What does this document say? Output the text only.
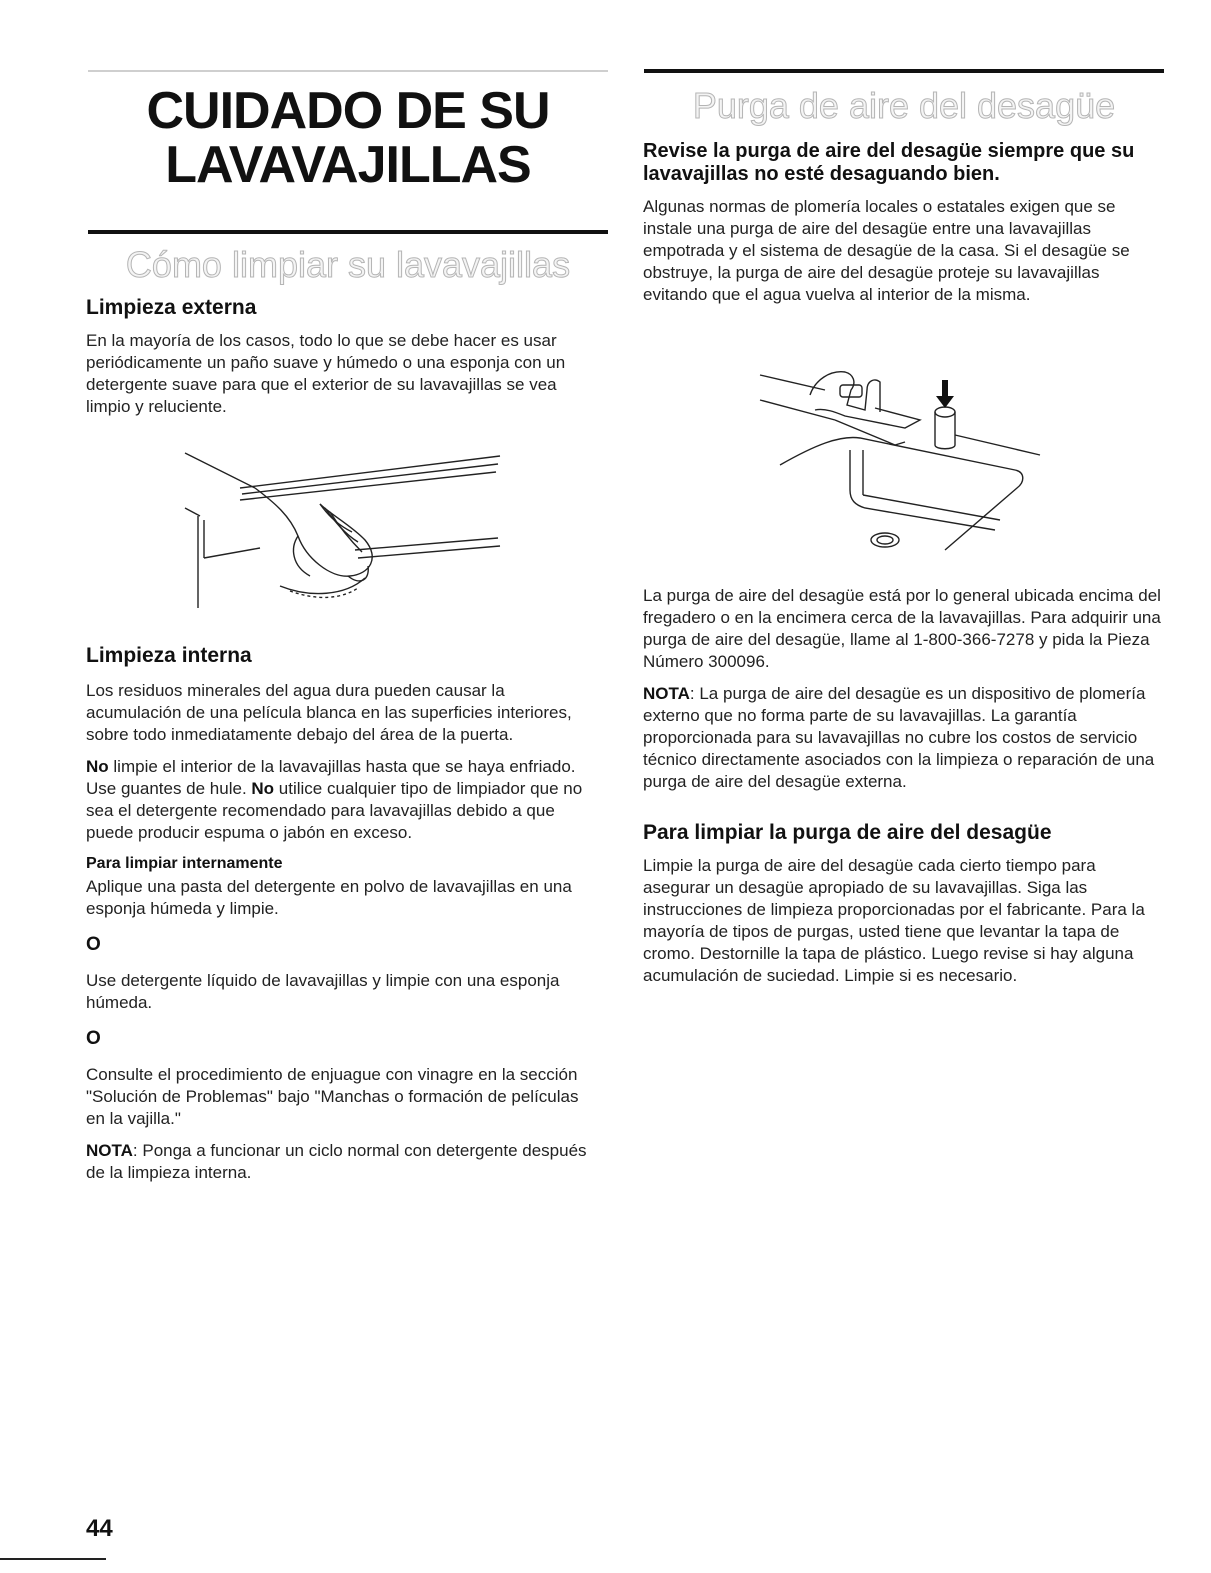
CUIDADO DE SU
LAVAVAJILLAS
Cómo limpiar su lavavajillas
Limpieza externa

En la mayoría de los casos, todo lo que se debe hacer es usar periódicamente un paño suave y húmedo o una esponja con un detergente suave para que el exterior de su lavavajillas se vea limpio y reluciente.

Limpieza interna

Los residuos minerales del agua dura pueden causar la acumulación de una película blanca en las superficies interiores, sobre todo inmediatamente debajo del área de la puerta.

No limpie el interior de la lavavajillas hasta que se haya enfriado. Use guantes de hule. No utilice cualquier tipo de limpiador que no sea el detergente recomendado para lavavajillas debido a que puede producir espuma o jabón en exceso.

Para limpiar internamente

Aplique una pasta del detergente en polvo de lavavajillas en una esponja húmeda y limpie.

O

Use detergente líquido de lavavajillas y limpie con una esponja húmeda.

O

Consulte el procedimiento de enjuague con vinagre en la sección "Solución de Problemas" bajo "Manchas o formación de películas en la vajilla."

NOTA: Ponga a funcionar un ciclo normal con detergente después de la limpieza interna.

Purga de aire del desagüe

Revise la purga de aire del desagüe siempre que su lavavajillas no esté desaguando bien.

Algunas normas de plomería locales o estatales exigen que se instale una purga de aire del desagüe entre una lavavajillas empotrada y el sistema de desagüe de la casa. Si el desagüe se obstruye, la purga de aire del desagüe proteje su lavavajillas evitando que el agua vuelva al interior de la misma.

La purga de aire del desagüe está por lo general ubicada encima del fregadero o en la encimera cerca de la lavavajillas. Para adquirir una purga de aire del desagüe, llame al 1-800-366-7278 y pida la Pieza Número 300096.

NOTA: La purga de aire del desagüe es un dispositivo de plomería externo que no forma parte de su lavavajillas. La garantía proporcionada para su lavavajillas no cubre los costos de servicio técnico directamente asociados con la limpieza o reparación de una purga de aire del desagüe externa.

Para limpiar la purga de aire del desagüe

Limpie la purga de aire del desagüe cada cierto tiempo para asegurar un desagüe apropiado de su lavavajillas. Siga las instrucciones de limpieza proporcionadas por el fabricante. Para la mayoría de tipos de purgas, usted tiene que levantar la tapa de cromo. Destornille la tapa de plástico. Luego revise si hay alguna acumulación de suciedad. Limpie si es necesario.

44
